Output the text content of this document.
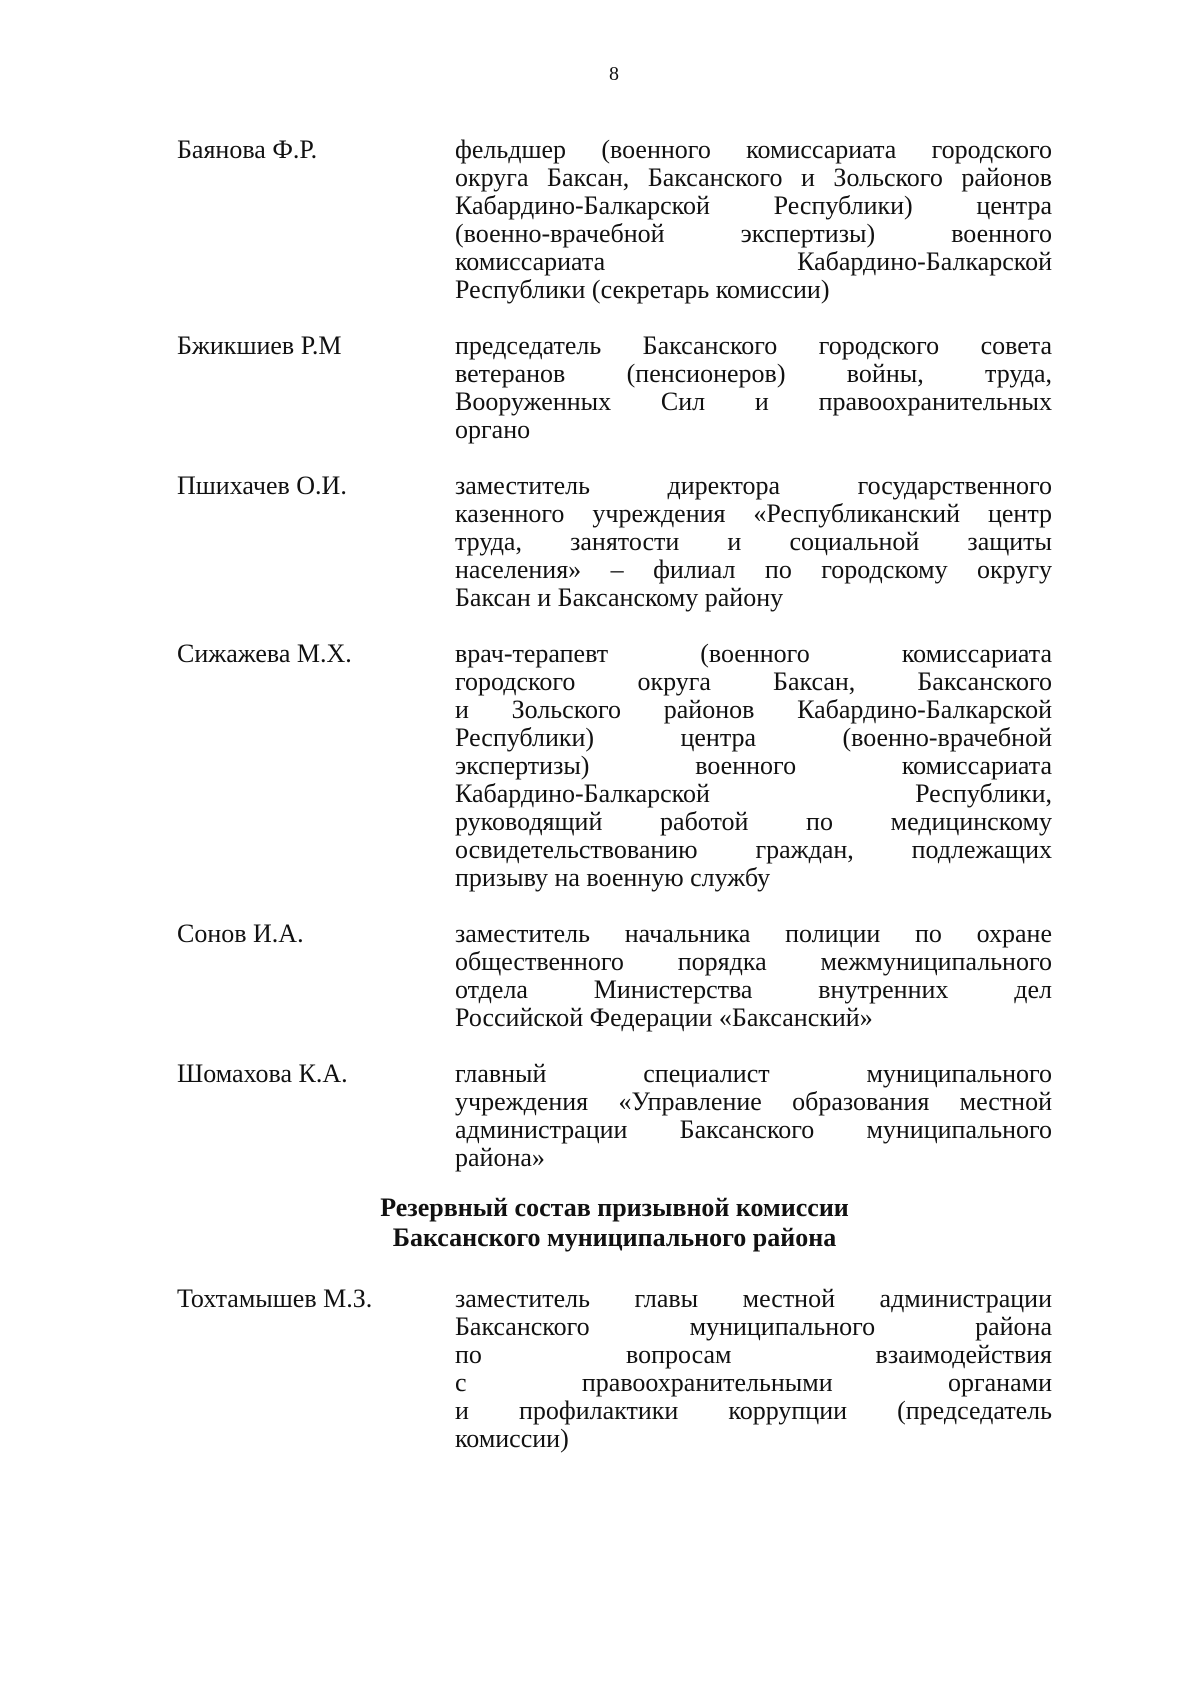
8
Баянова Ф.Р.	фельдшер (военного комиссариата городского
округа Баксан, Баксанского и Зольского районов
Кабардино-Балкарской Республики) центра
(военно-врачебной экспертизы) военного
комиссариата Кабардино-Балкарской
Республики (секретарь комиссии)
Бжикшиев Р.М	председатель Баксанского городского совета
ветеранов (пенсионеров) войны, труда,
Вооруженных Сил и правоохранительных
органо
Пшихачев О.И.	заместитель директора государственного
казенного учреждения «Республиканский центр
труда, занятости и социальной защиты
населения» – филиал по городскому округу
Баксан и Баксанскому району
Сижажева М.Х.	врач-терапевт (военного комиссариата
городского округа Баксан, Баксанского
и Зольского районов Кабардино-Балкарской
Республики) центра (военно-врачебной
экспертизы) военного комиссариата
Кабардино-Балкарской Республики,
руководящий работой по медицинскому
освидетельствованию граждан, подлежащих
призыву на военную службу
Сонов И.А.	заместитель начальника полиции по охране
общественного порядка межмуниципального
отдела Министерства внутренних дел
Российской Федерации «Баксанский»
Шомахова К.А.	главный специалист муниципального
учреждения «Управление образования местной
администрации Баксанского муниципального
района»
Резервный состав призывной комиссии
Баксанского муниципального района
Тохтамышев М.З.	заместитель главы местной администрации
Баксанского муниципального района
по вопросам взаимодействия
с правоохранительными органами
и профилактики коррупции (председатель
комиссии)
